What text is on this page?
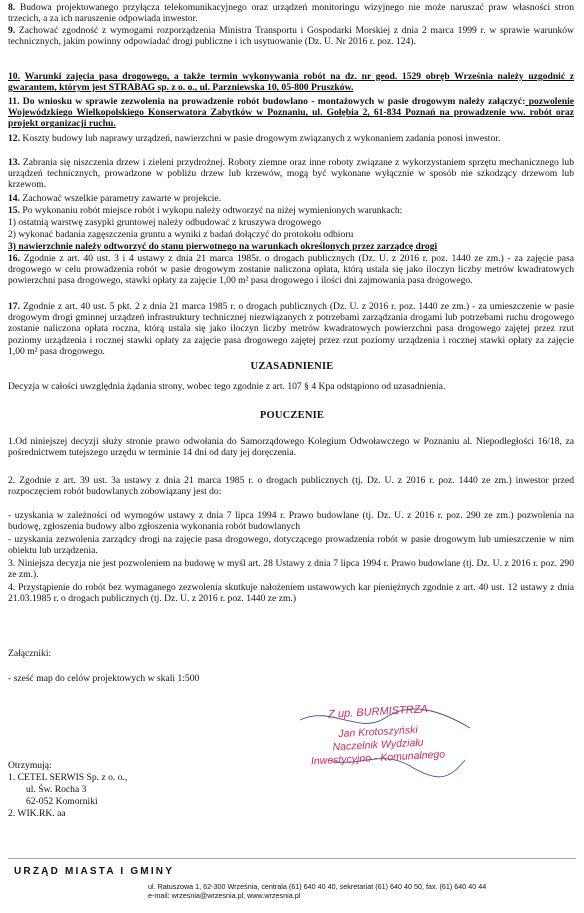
8. Budowa projektowanego przyłącza telekomunikacyjnego oraz urządzeń monitoringu wizyjnego nie może naruszać praw własności stron trzecich, a za ich naruszenie odpowiada inwestor.

9. Zachować zgodność z wymogami rozporządzenia Ministra Transportu i Gospodarki Morskiej z dnia 2 marca 1999 r. w sprawie warunków technicznych, jakim powinny odpowiadać drogi publiczne i ich usytuowanie (Dz. U. Nr 2016 r. poz. 124).

10. Warunki zajęcia pasa drogowego, a także termin wykonywania robót na dz. nr geod. 1529 obręb Września należy uzgodnić z gwarantem, którym jest STRABAG sp. z o. o., ul. Parzniewska 10, 05-800 Pruszków.

11. Do wniosku w sprawie zezwolenia na prowadzenie robót budowlano - montażowych w pasie drogowym należy załączyć: pozwolenie Wojewódzkiego Wielkopolskiego Konserwatora Zabytków w Poznaniu, ul. Gołębia 2, 61-834 Poznań na prowadzenie ww. robót oraz projekt organizacji ruchu.

12. Koszty budowy lub naprawy urządzeń, nawierzchni w pasie drogowym związanych z wykonaniem zadania ponosi inwestor.

13. Zabrania się niszczenia drzew i zieleni przydrożnej. Roboty ziemne oraz inne roboty związane z wykorzystaniem sprzętu mechanicznego lub urządzeń technicznych, prowadzone w pobliżu drzew lub krzewów, mogą być wykonane wyłącznie w sposób nie szkodzący drzewom lub krzewom.

14. Zachować wszelkie parametry zawarte w projekcie.

15. Po wykonaniu robót miejsce robót i wykopu należy odtworzyć na niżej wymienionych warunkach:

1) ostatnią warstwę zasypki gruntowej należy odbudować z kruszywa drogowego

2) wykonać badania zagęszczenia gruntu a wyniki z badań dołączyć do protokołu odbioru

3) nawierzchnie należy odtworzyć do stanu pierwotnego na warunkach określonych przez zarządcę drogi

16. Zgodnie z art. 40 ust. 3 i 4 ustawy z dnia 21 marca 1985r. o drogach publicznych (Dz. U. z 2016 r. poz. 1440 ze zm.) - za zajęcie pasa drogowego w celu prowadzenia robót w pasie drogowym zostanie naliczona opłata, którą ustala się jako iloczyn liczby metrów kwadratowych powierzchni pasa drogowego, stawki opłaty za zajęcie 1,00 m² pasa drogowego i ilości dni zajmowania pasa drogowego.

17. Zgodnie z art. 40 ust. 5 pkt. 2 z dnia 21 marca 1985 r. o drogach publicznych (Dz. U. z 2016 r. poz. 1440 ze zm.) - za umieszczenie w pasie drogowym drogi gminnej urządzeń infrastruktury technicznej niezwiązanych z potrzebami zarządzania drogami lub potrzebami ruchu drogowego zostanie naliczona opłata roczna, którą ustala się jako iloczyn liczby metrów kwadratowych powierzchni pasa drogowego zajętej przez rzut poziomy urządzenia i rocznej stawki opłaty za zajęcie pasa drogowego zajętej przez rzut poziomy urządzenia i rocznej stawki opłaty za zajęcie 1,00 m² pasa drogowego.

UZASADNIENIE

Decyzja w całości uwzględnia żądania strony, wobec tego zgodnie z art. 107 § 4 Kpa odstąpiono od uzasadnienia.

POUCZENIE

1.Od niniejszej decyzji służy stronie prawo odwołania do Samorządowego Kolegium Odwoławczego w Poznaniu al. Niepodległości 16/18, za pośrednictwem tutejszego urzędu w terminie 14 dni od daty jej doręczenia.

2. Zgodnie z art. 39 ust. 3a ustawy z dnia 21 marca 1985 r. o drogach publicznych (tj. Dz. U. z 2016 r. poz. 1440 ze zm.) inwestor przed rozpoczęciem robót budowlanych zobowiązany jest do:

- uzyskania w zależności od wymogów ustawy z dnia 7 lipca 1994 r. Prawo budowlane (tj. Dz. U. z 2016 r. poz. 290 ze zm.) pozwolenia na budowę, zgłoszenia budowy albo zgłoszenia wykonania robót budowlanych

- uzyskania zezwolenia zarządcy drogi na zajęcie pasa drogowego, dotyczącego prowadzenia robót w pasie drogowym lub umieszczenie w nim obiektu lub urządzenia.

3. Niniejsza decyzja nie jest pozwoleniem na budowę w myśl art. 28 Ustawy z dnia 7 lipca 1994 r. Prawo budowlane (tj. Dz. U. z 2016 r. poz. 290 ze zm.).

4. Przystąpienie do robót bez wymaganego zezwolenia skutkuje nałożeniem ustawowych kar pieniężnych zgodnie z art. 40 ust. 12 ustawy z dnia 21.03.1985 r. o drogach publicznych (tj. Dz. U. z 2016 r. poz. 1440 ze zm.)

Załączniki:

- sześć map do celów projektowych w skali 1:500

Z up. BURMISTRZA
Jan Krotoszyński
Naczelnik Wydziału
Inwestycyjno - Komunalnego

Otrzymują:

1. CETEL SERWIS Sp. z o. o.,

ul. Św. Rocha 3

62-052 Komorniki

2. WIK.RK. aa

URZĄD MIASTA I GMINY
ul. Ratuszowa 1, 62-300 Września, centrala (61) 640 40 40, sekretariat (61) 640 40 50, fax. (61) 640 40 44
e-mail: wrzesnia@wrzesnia.pl, www.wrzesnia.pl
